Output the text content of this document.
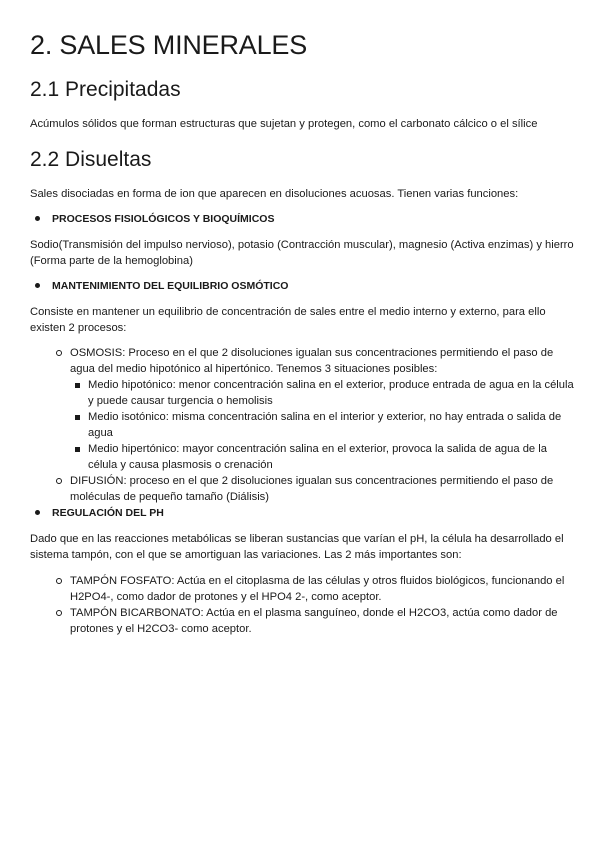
2. SALES MINERALES
2.1 Precipitadas

Acúmulos sólidos que forman estructuras que sujetan y protegen, como el carbonato cálcico o el sílice

2.2 Disueltas

Sales disociadas en forma de ion que aparecen en disoluciones acuosas. Tienen varias funciones:

PROCESOS FISIOLÓGICOS Y BIOQUÍMICOS

Sodio(Transmisión del impulso nervioso), potasio (Contracción muscular), magnesio (Activa enzimas) y hierro (Forma parte de la hemoglobina)

MANTENIMIENTO DEL EQUILIBRIO OSMÓTICO

Consiste en mantener un equilibrio de concentración de sales entre el medio interno y externo, para ello existen 2 procesos:

OSMOSIS: Proceso en el que 2 disoluciones igualan sus concentraciones permitiendo el paso de agua del medio hipotónico al hipertónico. Tenemos 3 situaciones posibles:
Medio hipotónico: menor concentración salina en el exterior, produce entrada de agua en la célula y puede causar turgencia o hemolisis
Medio isotónico: misma concentración salina en el interior y exterior, no hay entrada o salida de agua
Medio hipertónico: mayor concentración salina en el exterior, provoca la salida de agua de la célula y causa plasmosis o crenación
DIFUSIÓN: proceso en el que 2 disoluciones igualan sus concentraciones permitiendo el paso de moléculas de pequeño tamaño (Diálisis)
REGULACIÓN DEL PH

Dado que en las reacciones metabólicas se liberan sustancias que varían el pH, la célula ha desarrollado el sistema tampón, con el que se amortiguan las variaciones. Las 2 más importantes son:

TAMPÓN FOSFATO: Actúa en el citoplasma de las células y otros fluidos biológicos, funcionando el H2PO4-, como dador de protones y el HPO4 2-, como aceptor.
TAMPÓN BICARBONATO: Actúa en el plasma sanguíneo, donde el H2CO3, actúa como dador de protones y el H2CO3- como aceptor.
